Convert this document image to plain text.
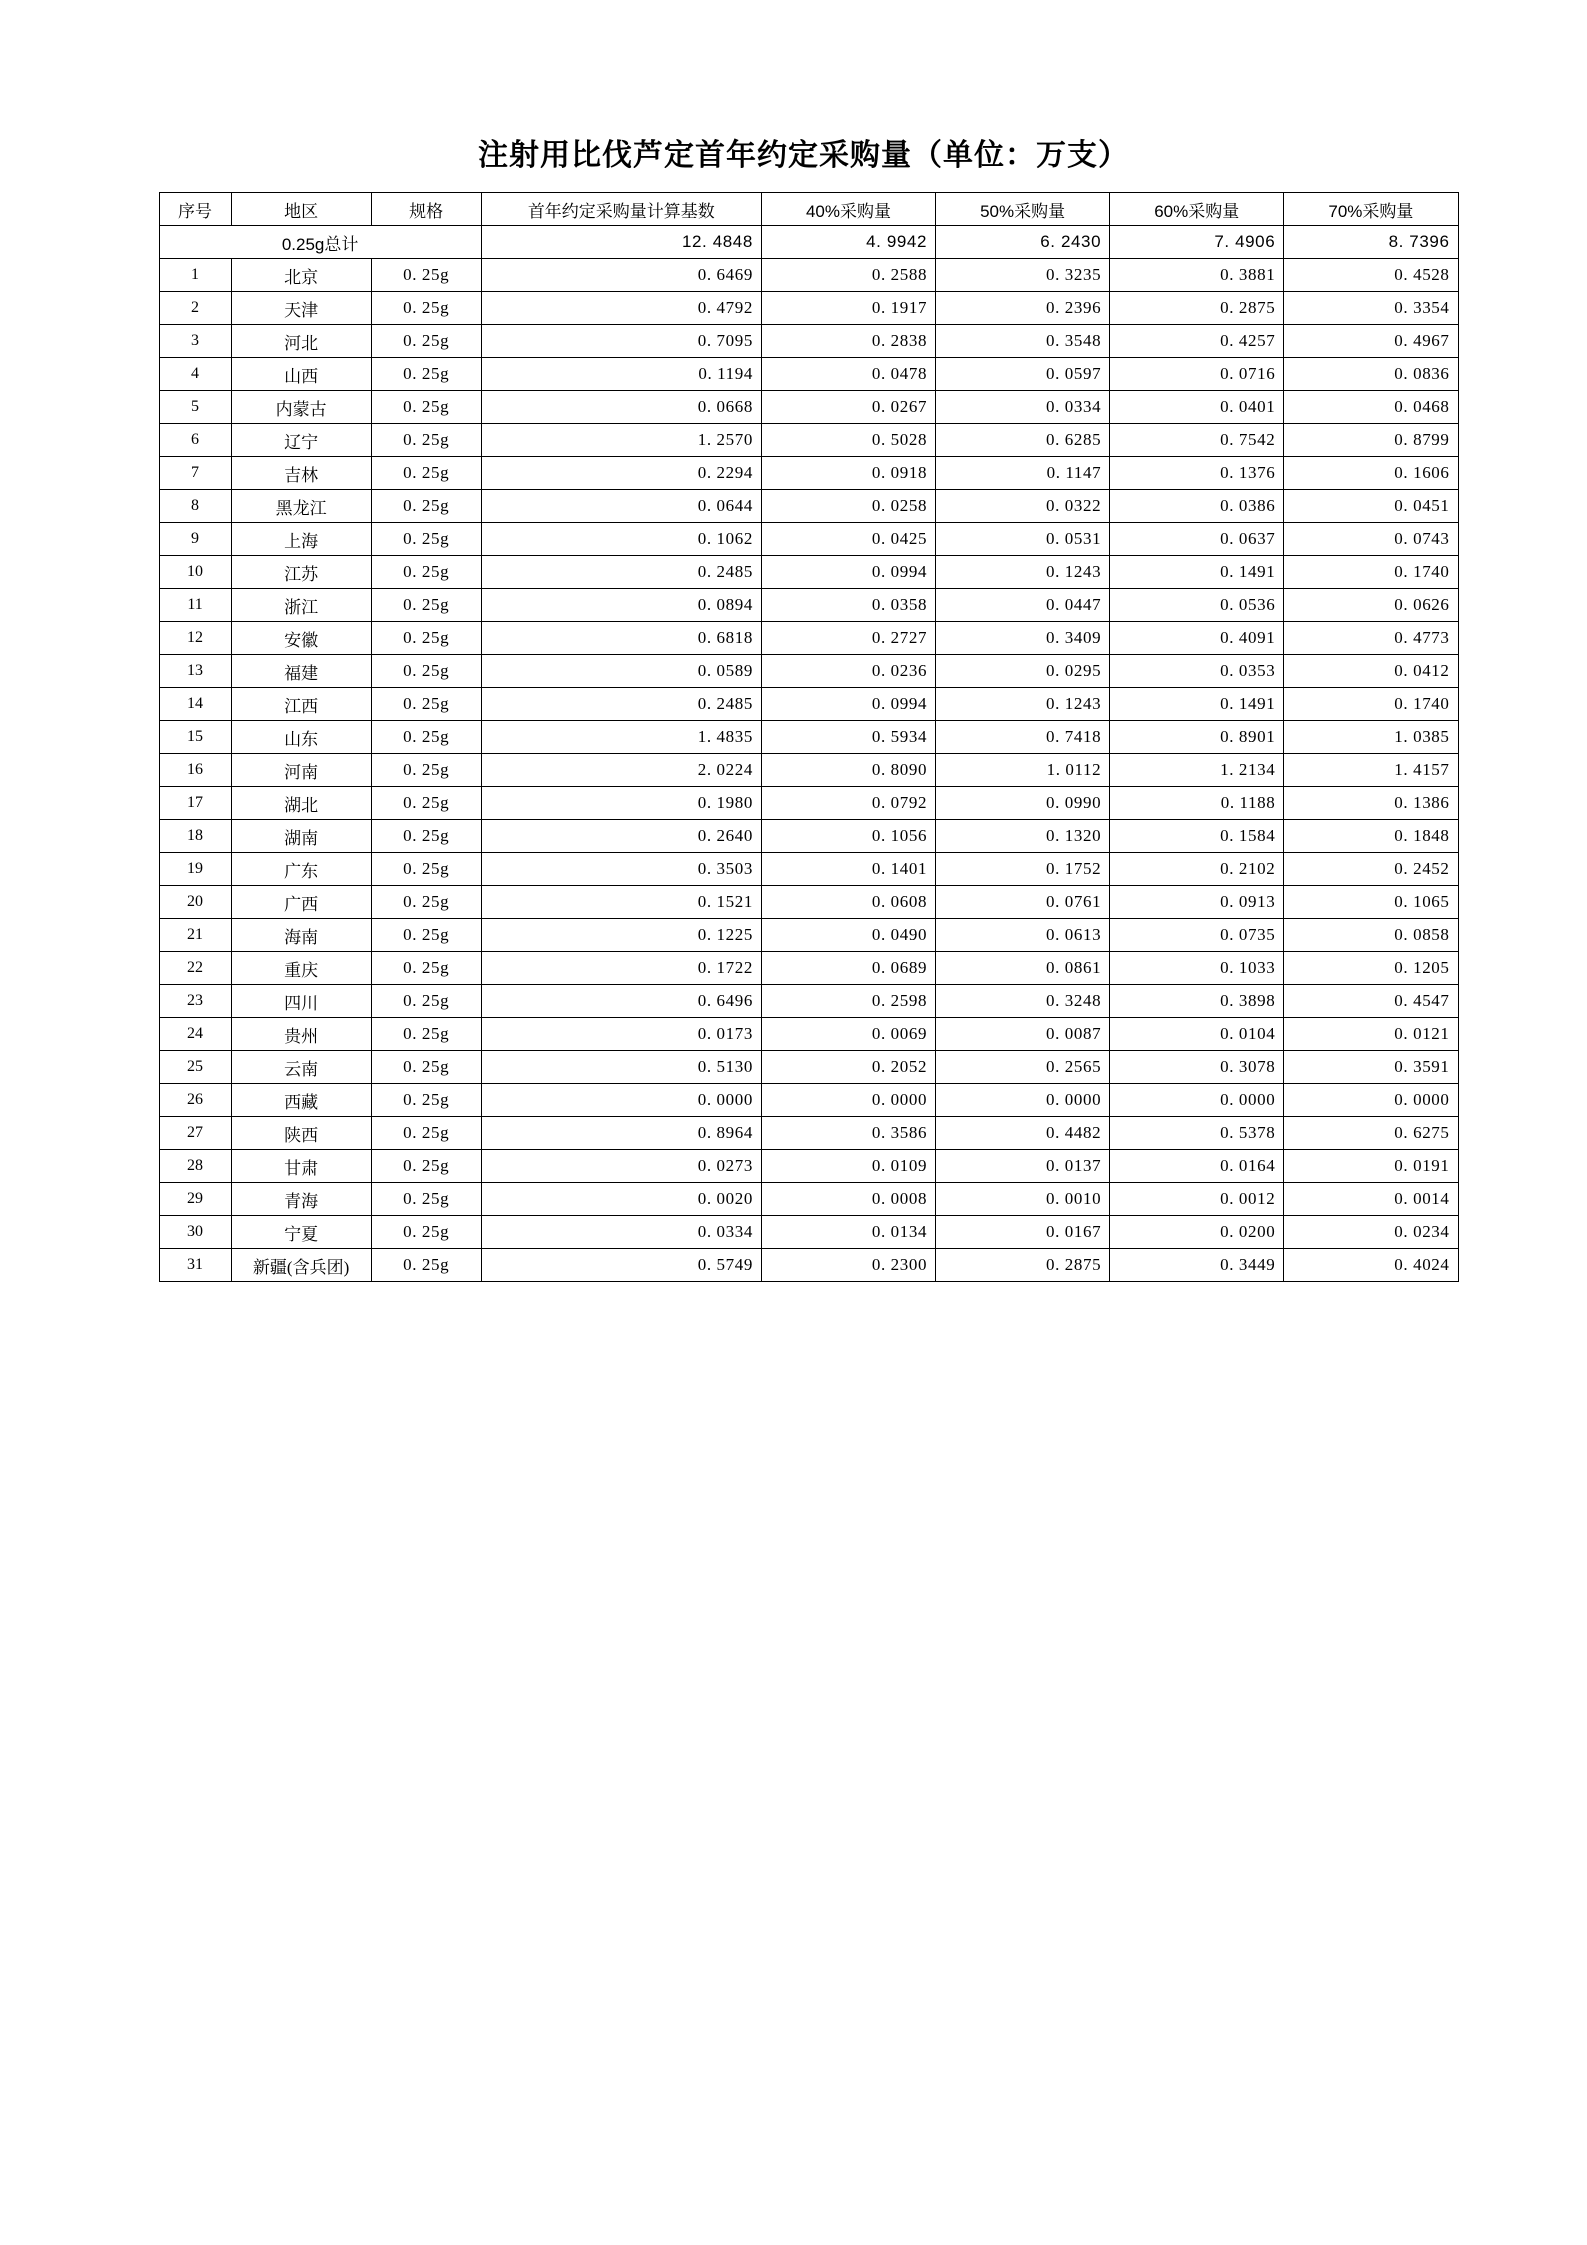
注射用比伐芦定首年约定采购量（单位：万支）
序号	地区	规格	首年约定采购量计算基数	40%采购量	50%采购量	60%采购量	70%采购量
0.25g总计			12. 4848	4. 9942	6. 2430	7. 4906	8. 7396
1	北京	0. 25g	0. 6469	0. 2588	0. 3235	0. 3881	0. 4528
2	天津	0. 25g	0. 4792	0. 1917	0. 2396	0. 2875	0. 3354
3	河北	0. 25g	0. 7095	0. 2838	0. 3548	0. 4257	0. 4967
4	山西	0. 25g	0. 1194	0. 0478	0. 0597	0. 0716	0. 0836
5	内蒙古	0. 25g	0. 0668	0. 0267	0. 0334	0. 0401	0. 0468
6	辽宁	0. 25g	1. 2570	0. 5028	0. 6285	0. 7542	0. 8799
7	吉林	0. 25g	0. 2294	0. 0918	0. 1147	0. 1376	0. 1606
8	黑龙江	0. 25g	0. 0644	0. 0258	0. 0322	0. 0386	0. 0451
9	上海	0. 25g	0. 1062	0. 0425	0. 0531	0. 0637	0. 0743
10	江苏	0. 25g	0. 2485	0. 0994	0. 1243	0. 1491	0. 1740
11	浙江	0. 25g	0. 0894	0. 0358	0. 0447	0. 0536	0. 0626
12	安徽	0. 25g	0. 6818	0. 2727	0. 3409	0. 4091	0. 4773
13	福建	0. 25g	0. 0589	0. 0236	0. 0295	0. 0353	0. 0412
14	江西	0. 25g	0. 2485	0. 0994	0. 1243	0. 1491	0. 1740
15	山东	0. 25g	1. 4835	0. 5934	0. 7418	0. 8901	1. 0385
16	河南	0. 25g	2. 0224	0. 8090	1. 0112	1. 2134	1. 4157
17	湖北	0. 25g	0. 1980	0. 0792	0. 0990	0. 1188	0. 1386
18	湖南	0. 25g	0. 2640	0. 1056	0. 1320	0. 1584	0. 1848
19	广东	0. 25g	0. 3503	0. 1401	0. 1752	0. 2102	0. 2452
20	广西	0. 25g	0. 1521	0. 0608	0. 0761	0. 0913	0. 1065
21	海南	0. 25g	0. 1225	0. 0490	0. 0613	0. 0735	0. 0858
22	重庆	0. 25g	0. 1722	0. 0689	0. 0861	0. 1033	0. 1205
23	四川	0. 25g	0. 6496	0. 2598	0. 3248	0. 3898	0. 4547
24	贵州	0. 25g	0. 0173	0. 0069	0. 0087	0. 0104	0. 0121
25	云南	0. 25g	0. 5130	0. 2052	0. 2565	0. 3078	0. 3591
26	西藏	0. 25g	0. 0000	0. 0000	0. 0000	0. 0000	0. 0000
27	陕西	0. 25g	0. 8964	0. 3586	0. 4482	0. 5378	0. 6275
28	甘肃	0. 25g	0. 0273	0. 0109	0. 0137	0. 0164	0. 0191
29	青海	0. 25g	0. 0020	0. 0008	0. 0010	0. 0012	0. 0014
30	宁夏	0. 25g	0. 0334	0. 0134	0. 0167	0. 0200	0. 0234
31	新疆(含兵团)	0. 25g	0. 5749	0. 2300	0. 2875	0. 3449	0. 4024
